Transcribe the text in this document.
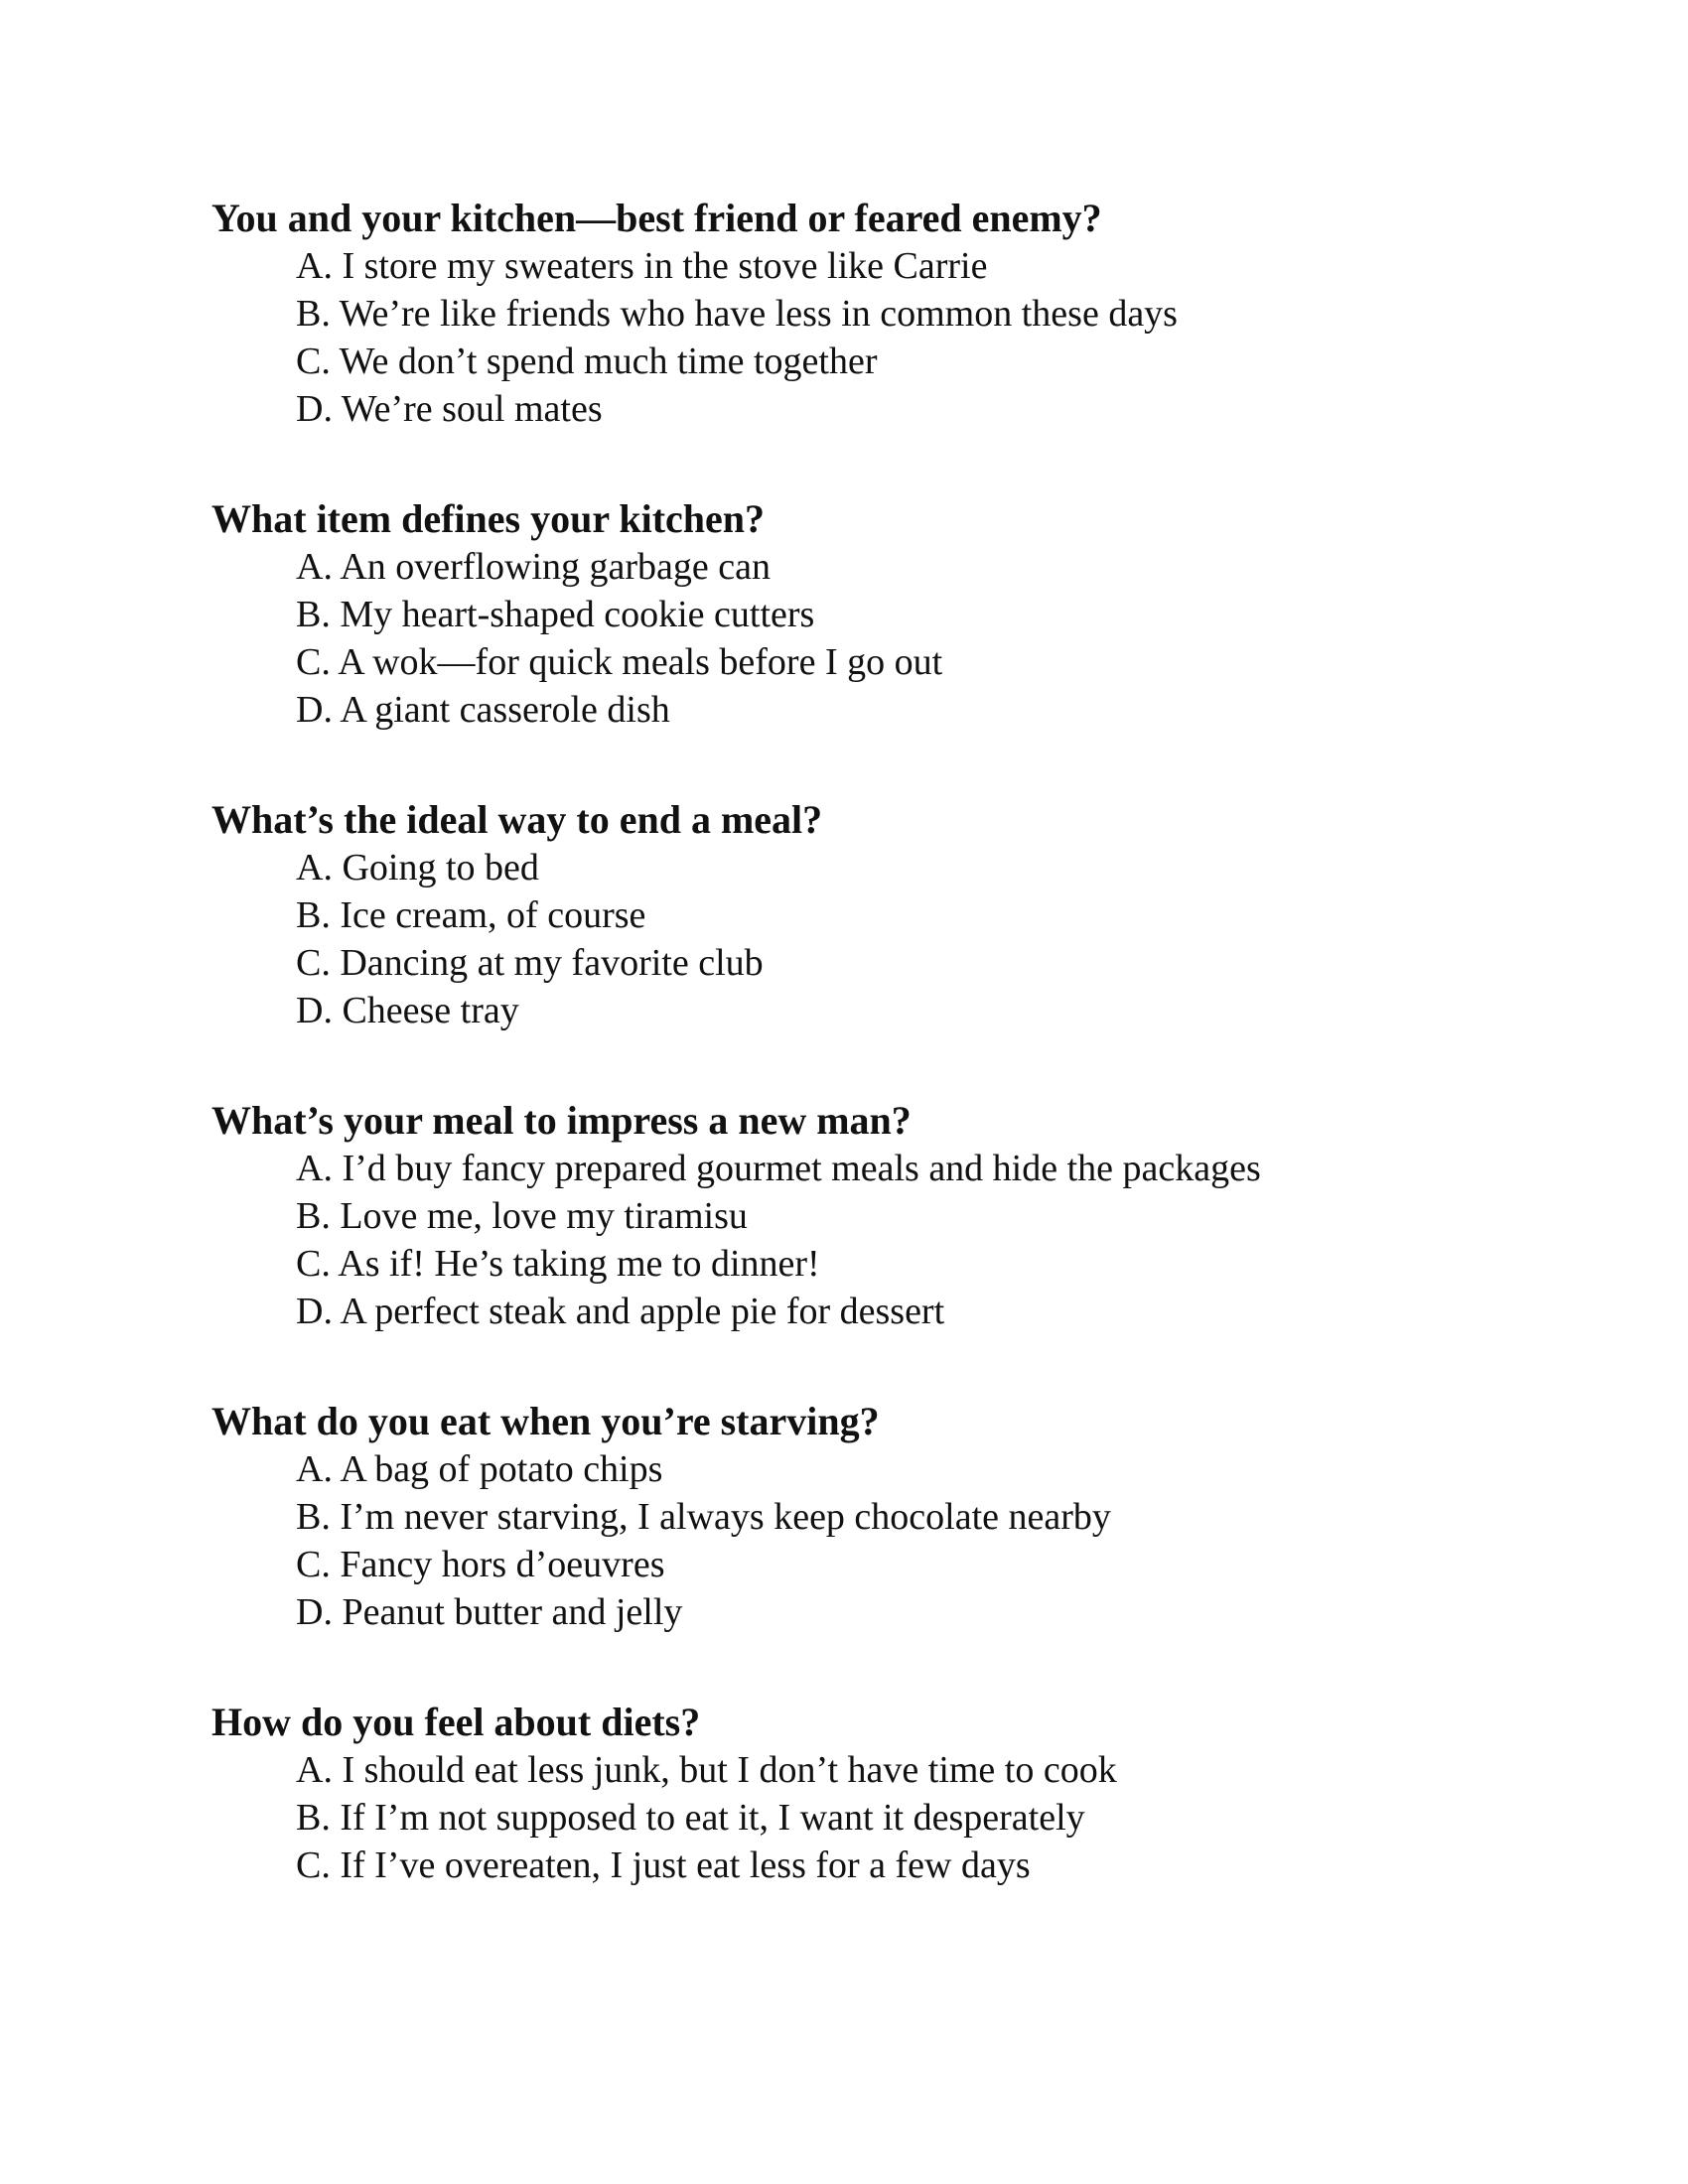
You and your kitchen—best friend or feared enemy?

A. I store my sweaters in the stove like Carrie
B. We’re like friends who have less in common these days
C. We don’t spend much time together
D. We’re soul mates

What item defines your kitchen?

A. An overflowing garbage can
B. My heart-shaped cookie cutters
C. A wok—for quick meals before I go out
D. A giant casserole dish

What’s the ideal way to end a meal?

A. Going to bed
B. Ice cream, of course
C. Dancing at my favorite club
D. Cheese tray

What’s your meal to impress a new man?

A. I’d buy fancy prepared gourmet meals and hide the packages
B. Love me, love my tiramisu
C. As if! He’s taking me to dinner!
D. A perfect steak and apple pie for dessert

What do you eat when you’re starving?

A. A bag of potato chips
B. I’m never starving, I always keep chocolate nearby
C. Fancy hors d’oeuvres
D. Peanut butter and jelly

How do you feel about diets?

A. I should eat less junk, but I don’t have time to cook
B. If I’m not supposed to eat it, I want it desperately
C. If I’ve overeaten, I just eat less for a few days
